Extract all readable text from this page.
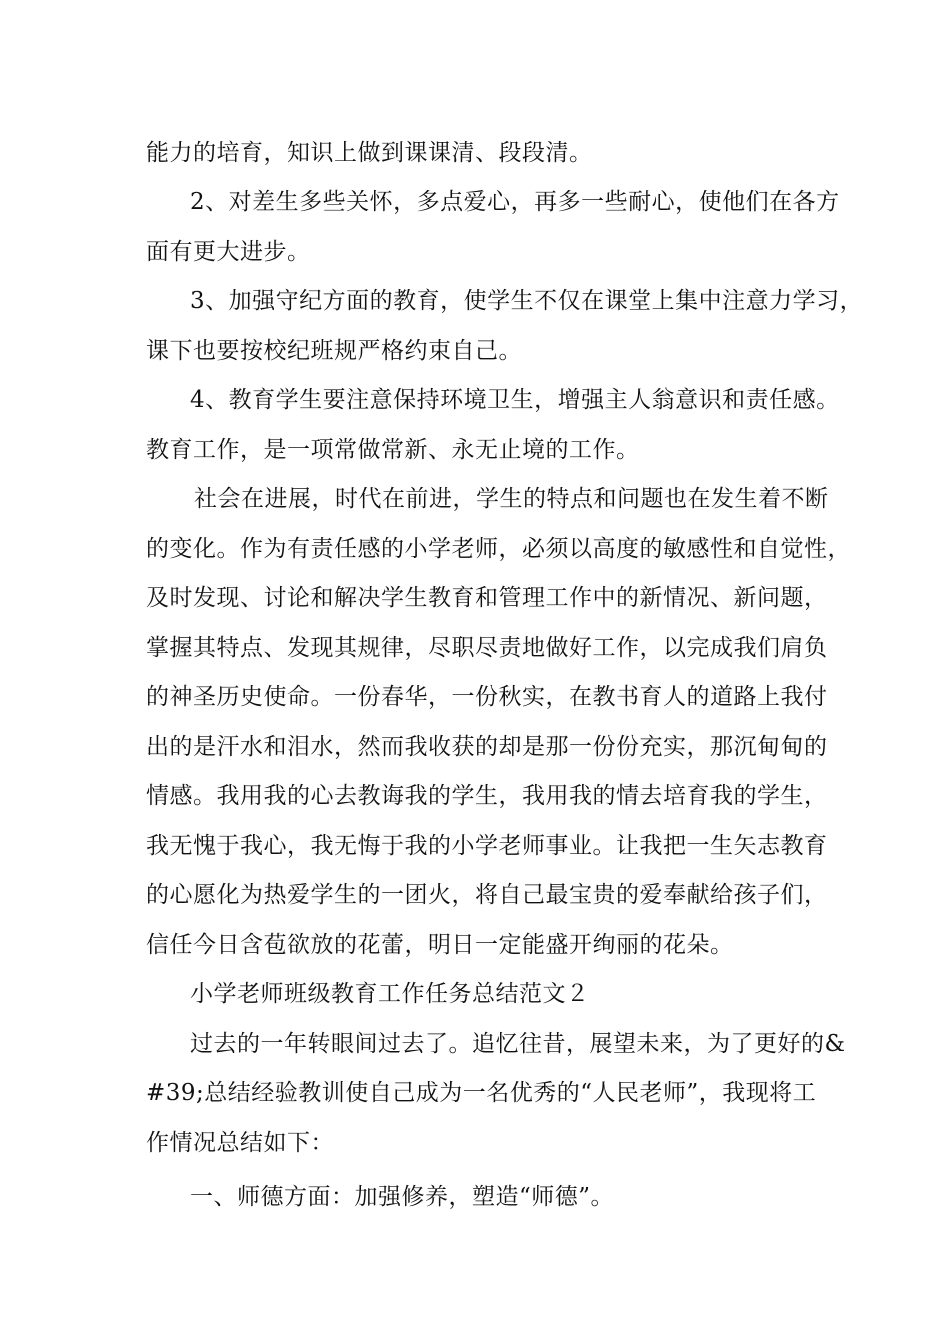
能力的培育，知识上做到课课清、段段清。

2、对差生多些关怀，多点爱心，再多一些耐心，使他们在各方

面有更大进步。

3、加强守纪方面的教育，使学生不仅在课堂上集中注意力学习，

课下也要按校纪班规严格约束自己。

4、教育学生要注意保持环境卫生，增强主人翁意识和责任感。

教育工作，是一项常做常新、永无止境的工作。

社会在进展，时代在前进，学生的特点和问题也在发生着不断

的变化。作为有责任感的小学老师，必须以高度的敏感性和自觉性，

及时发现、讨论和解决学生教育和管理工作中的新情况、新问题，

掌握其特点、发现其规律，尽职尽责地做好工作，以完成我们肩负

的神圣历史使命。一份春华，一份秋实，在教书育人的道路上我付

出的是汗水和泪水，然而我收获的却是那一份份充实，那沉甸甸的

情感。我用我的心去教诲我的学生，我用我的情去培育我的学生，

我无愧于我心，我无悔于我的小学老师事业。让我把一生矢志教育

的心愿化为热爱学生的一团火，将自己最宝贵的爱奉献给孩子们，

信任今日含苞欲放的花蕾，明日一定能盛开绚丽的花朵。

小学老师班级教育工作任务总结范文２

过去的一年转眼间过去了。追忆往昔，展望未来，为了更好的&

#39;总结经验教训使自己成为一名优秀的“人民老师”，我现将工

作情况总结如下：

一、师德方面：加强修养，塑造“师德”。
